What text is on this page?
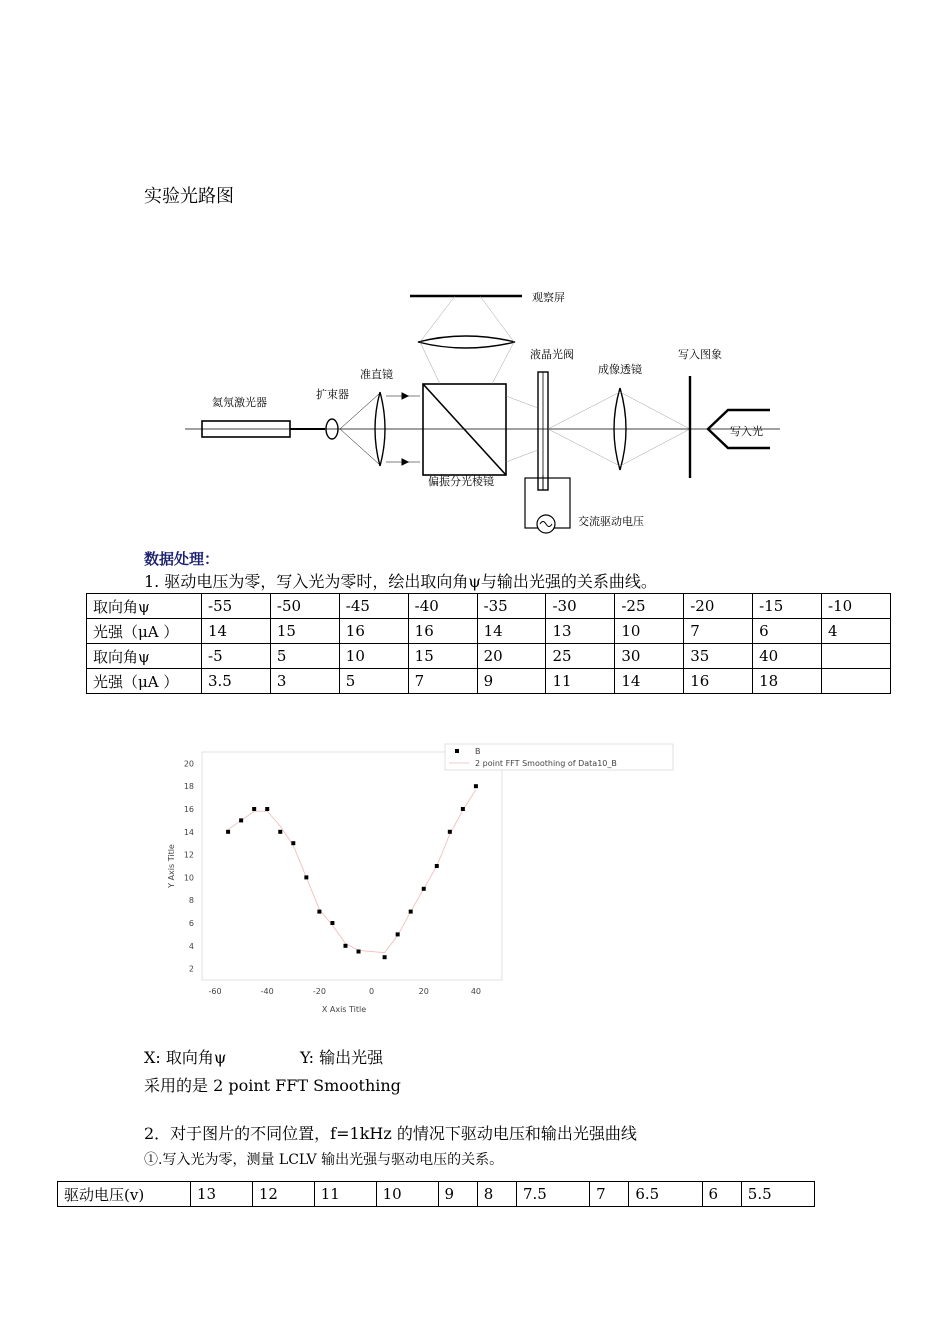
实验光路图
氦氖激光器
扩束器
准直镜
观察屏
偏振分光棱镜
液晶光阀
成像透镜
写入图象
写入光
交流驱动电压
数据处理：
1. 驱动电压为零，写入光为零时，绘出取向角ψ与输出光强的关系曲线。
取向角ψ	-55	-50	-45	-40	-35	-30	-25	-20	-15	-10
光强（μA ）	14	15	16	16	14	13	10	7	6	4
取向角ψ	-5	5	10	15	20	25	30	35	40	
光强（μA ）	3.5	3	5	7	9	11	14	16	18	
-60	-40	-20	0	20	40
2
4
6
8
10
12
14
16
18
20
B
2 point FFT Smoothing of Data10_B
X Axis Title
Y Axis Title
X: 取向角ψ	Y: 输出光强
采用的是 2 point FFT Smoothing
2．对于图片的不同位置，f=1kHz 的情况下驱动电压和输出光强曲线
①.写入光为零，测量 LCLV 输出光强与驱动电压的关系。
驱动电压(v)	13	12	11	10	9	8	7.5	7	6.5	6	5.5
